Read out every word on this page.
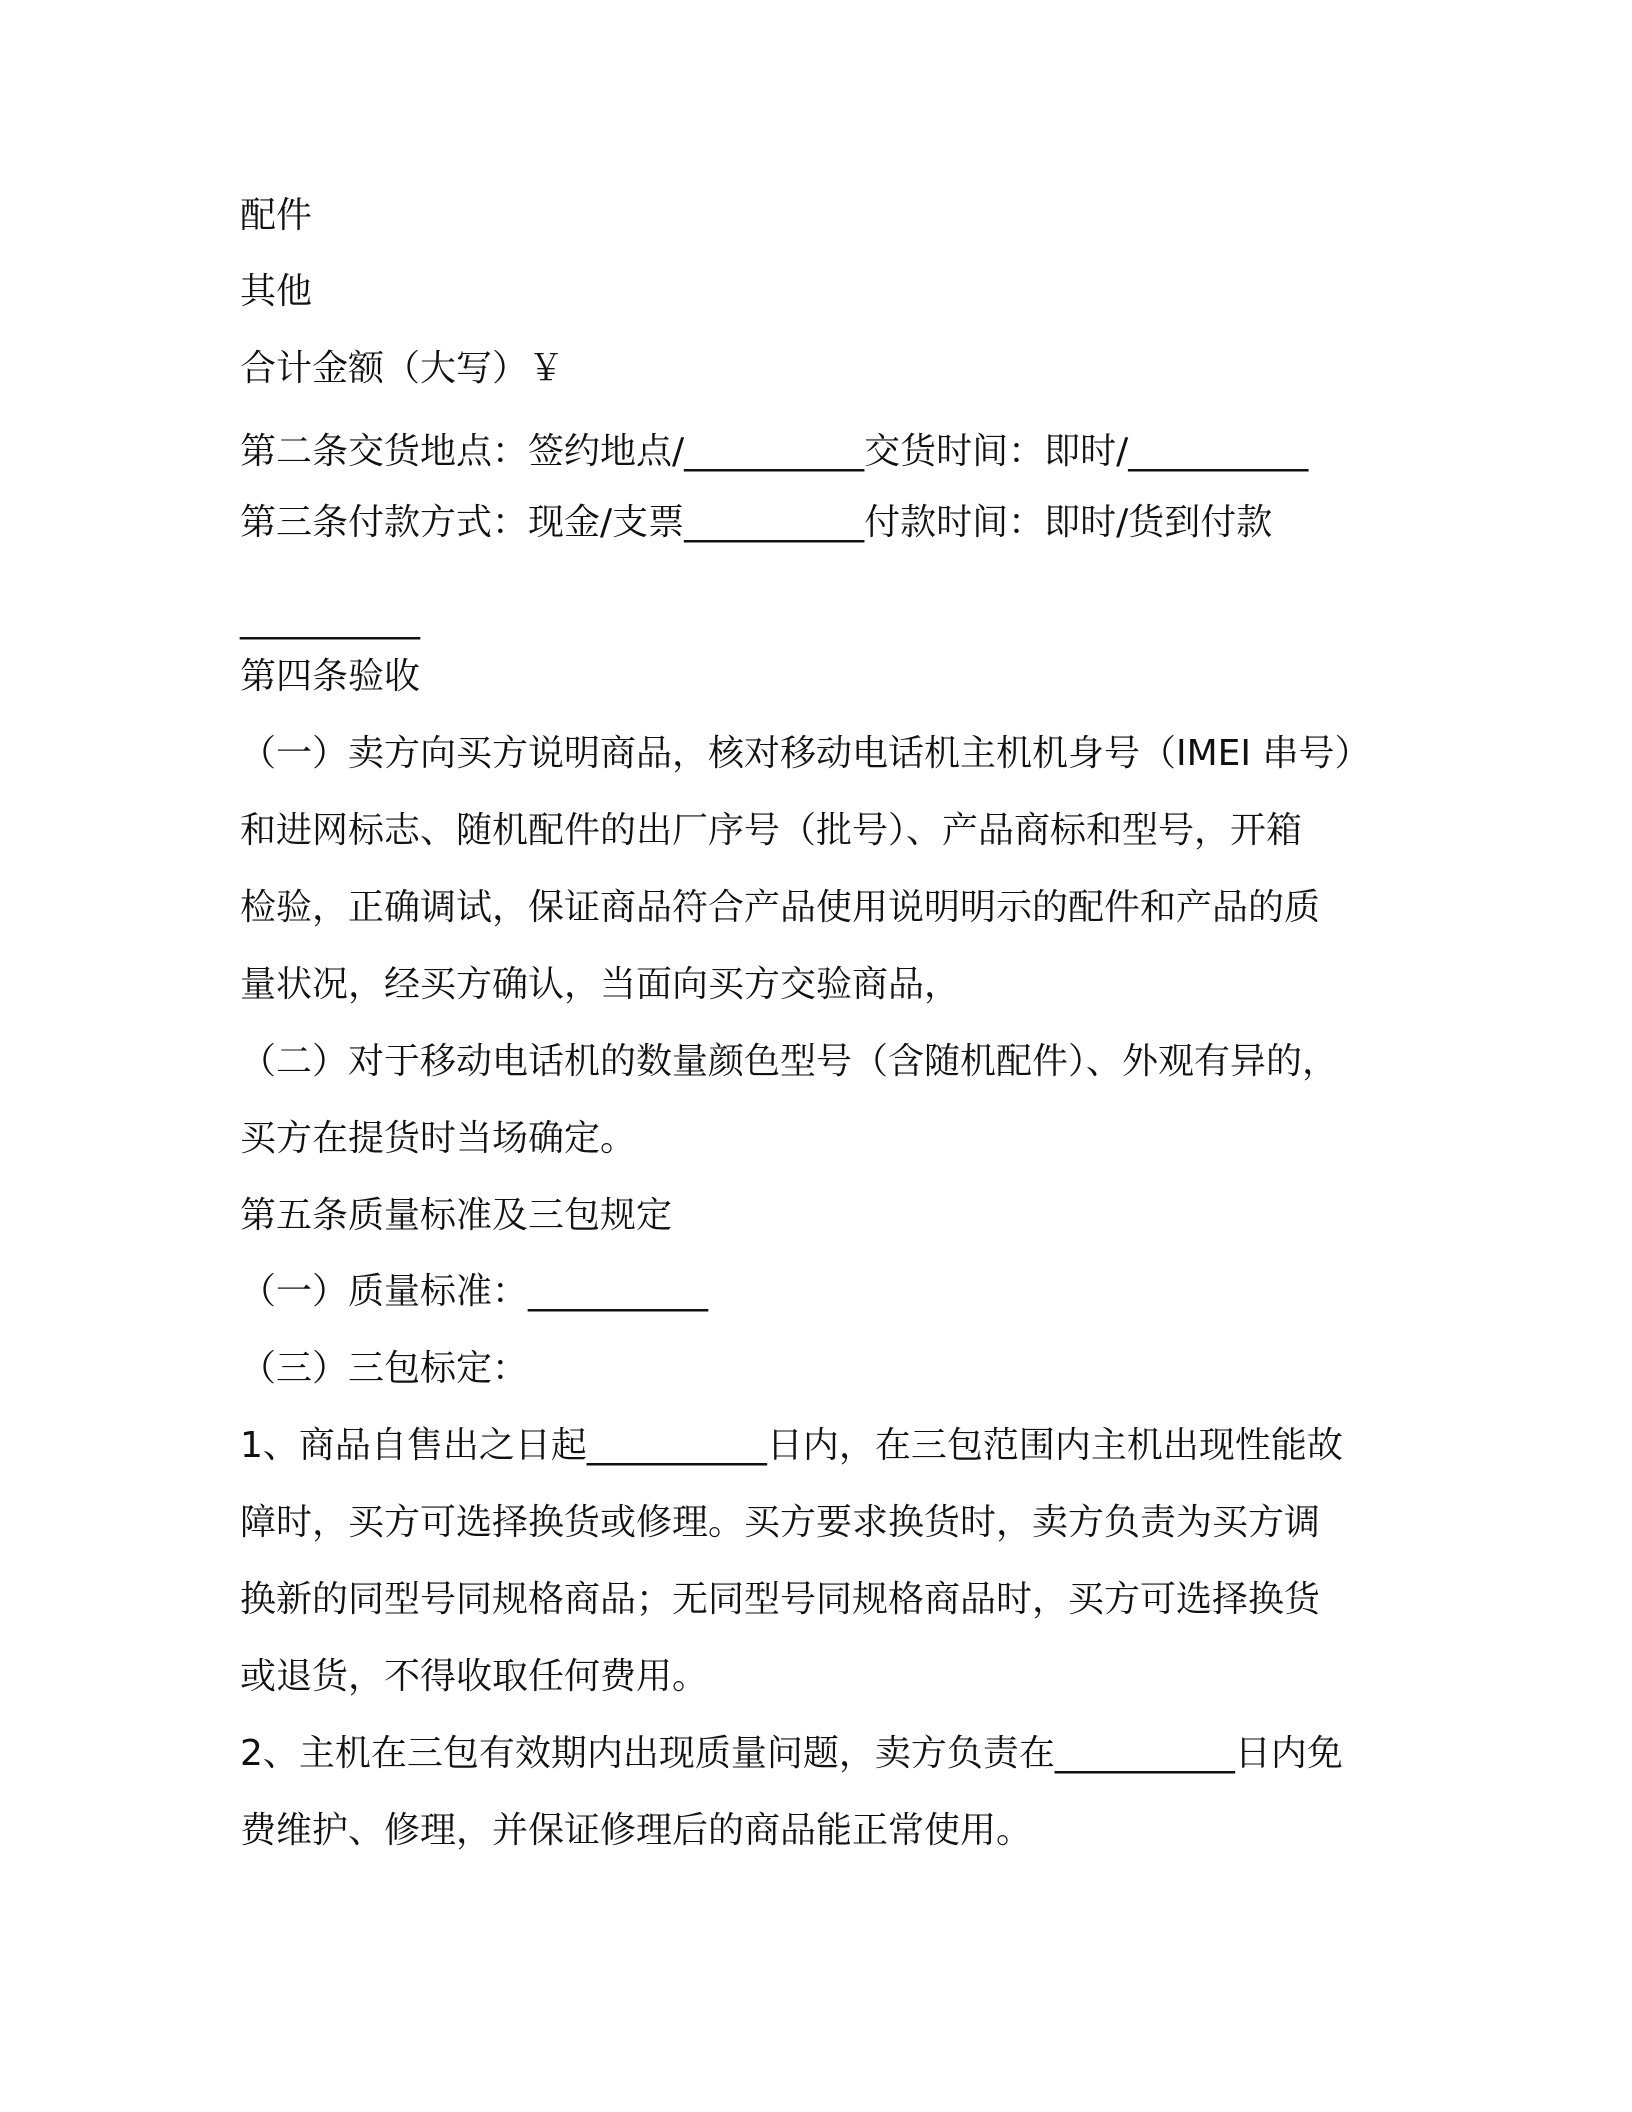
配件
其他
合计金额（大写）￥
第二条交货地点：签约地点/__________交货时间：即时/__________
第三条付款方式：现金/支票__________付款时间：即时/货到付款
__________
第四条验收
（一）卖方向买方说明商品，核对移动电话机主机机身号（IMEI 串号）
和进网标志、随机配件的出厂序号（批号）、产品商标和型号，开箱
检验，正确调试，保证商品符合产品使用说明明示的配件和产品的质
量状况，经买方确认，当面向买方交验商品，
（二）对于移动电话机的数量颜色型号（含随机配件）、外观有异的，
买方在提货时当场确定。
第五条质量标准及三包规定
（一）质量标准：__________
（三）三包标定：
1、商品自售出之日起__________日内，在三包范围内主机出现性能故
障时，买方可选择换货或修理。买方要求换货时，卖方负责为买方调
换新的同型号同规格商品；无同型号同规格商品时，买方可选择换货
或退货，不得收取任何费用。
2、主机在三包有效期内出现质量问题，卖方负责在__________日内免
费维护、修理，并保证修理后的商品能正常使用。
